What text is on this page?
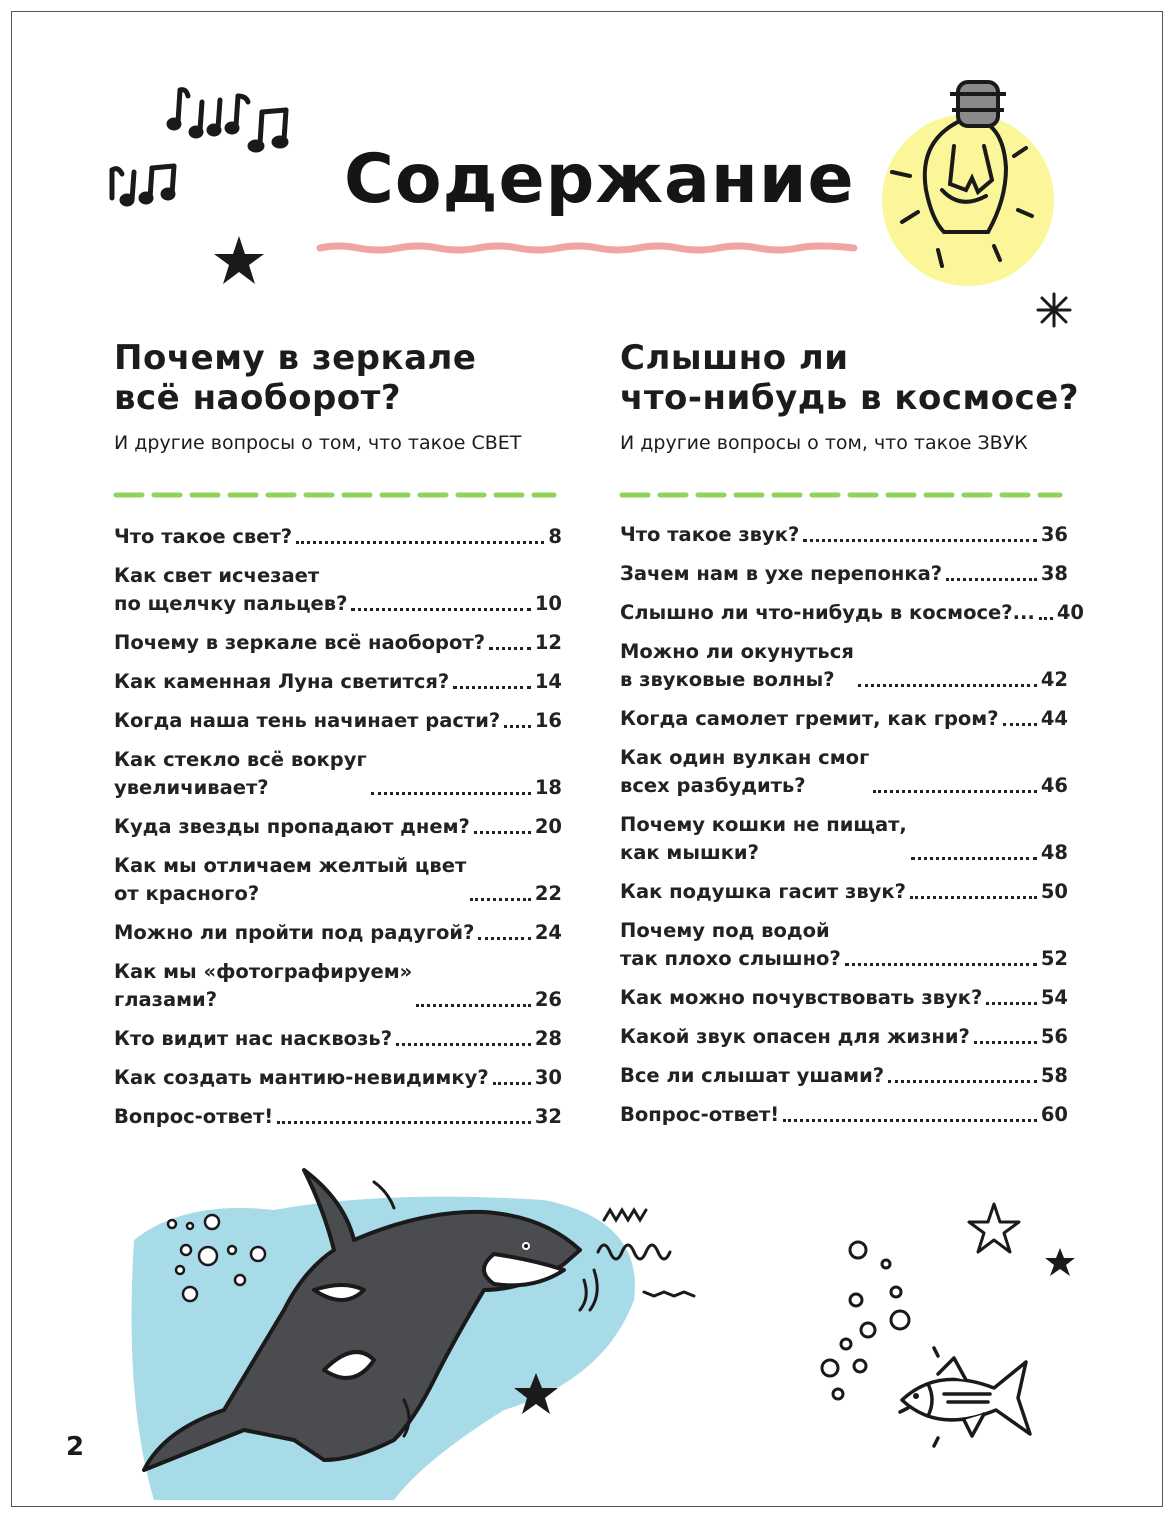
Содержание
Почему в зеркале
всё наоборот?
И другие вопросы о том, что такое СВЕТ
Слышно ли
что-нибудь в космосе?
И другие вопросы о том, что такое ЗВУК
Что такое свет?	8
Как свет исчезает
по щелчку пальцев?	10
Почему в зеркале всё наоборот?	12
Как каменная Луна светится?	14
Когда наша тень начинает расти? 16
Как стекло всё вокруг
увеличивает?	18
Куда звезды пропадают днем?	20
Как мы отличаем желтый цвет
от красного?	22
Можно ли пройти под радугой?	24
Как мы «фотографируем»
глазами?	26
Кто видит нас насквозь?	28
Как создать мантию-невидимку? 30
Вопрос-ответ!	32
Что такое звук?	36
Зачем нам в ухе перепонка?	38
Слышно ли что-нибудь в космосе?... 40
Можно ли окунуться
в звуковые волны?	42
Когда самолет гремит, как гром? 44
Как один вулкан смог
всех разбудить?	46
Почему кошки не пищат,
как мышки?	48
Как подушка гасит звук?	50
Почему под водой
так плохо слышно?	52
Как можно почувствовать звук?	54
Какой звук опасен для жизни?	56
Все ли слышат ушами?	58
Вопрос-ответ!	60
2
